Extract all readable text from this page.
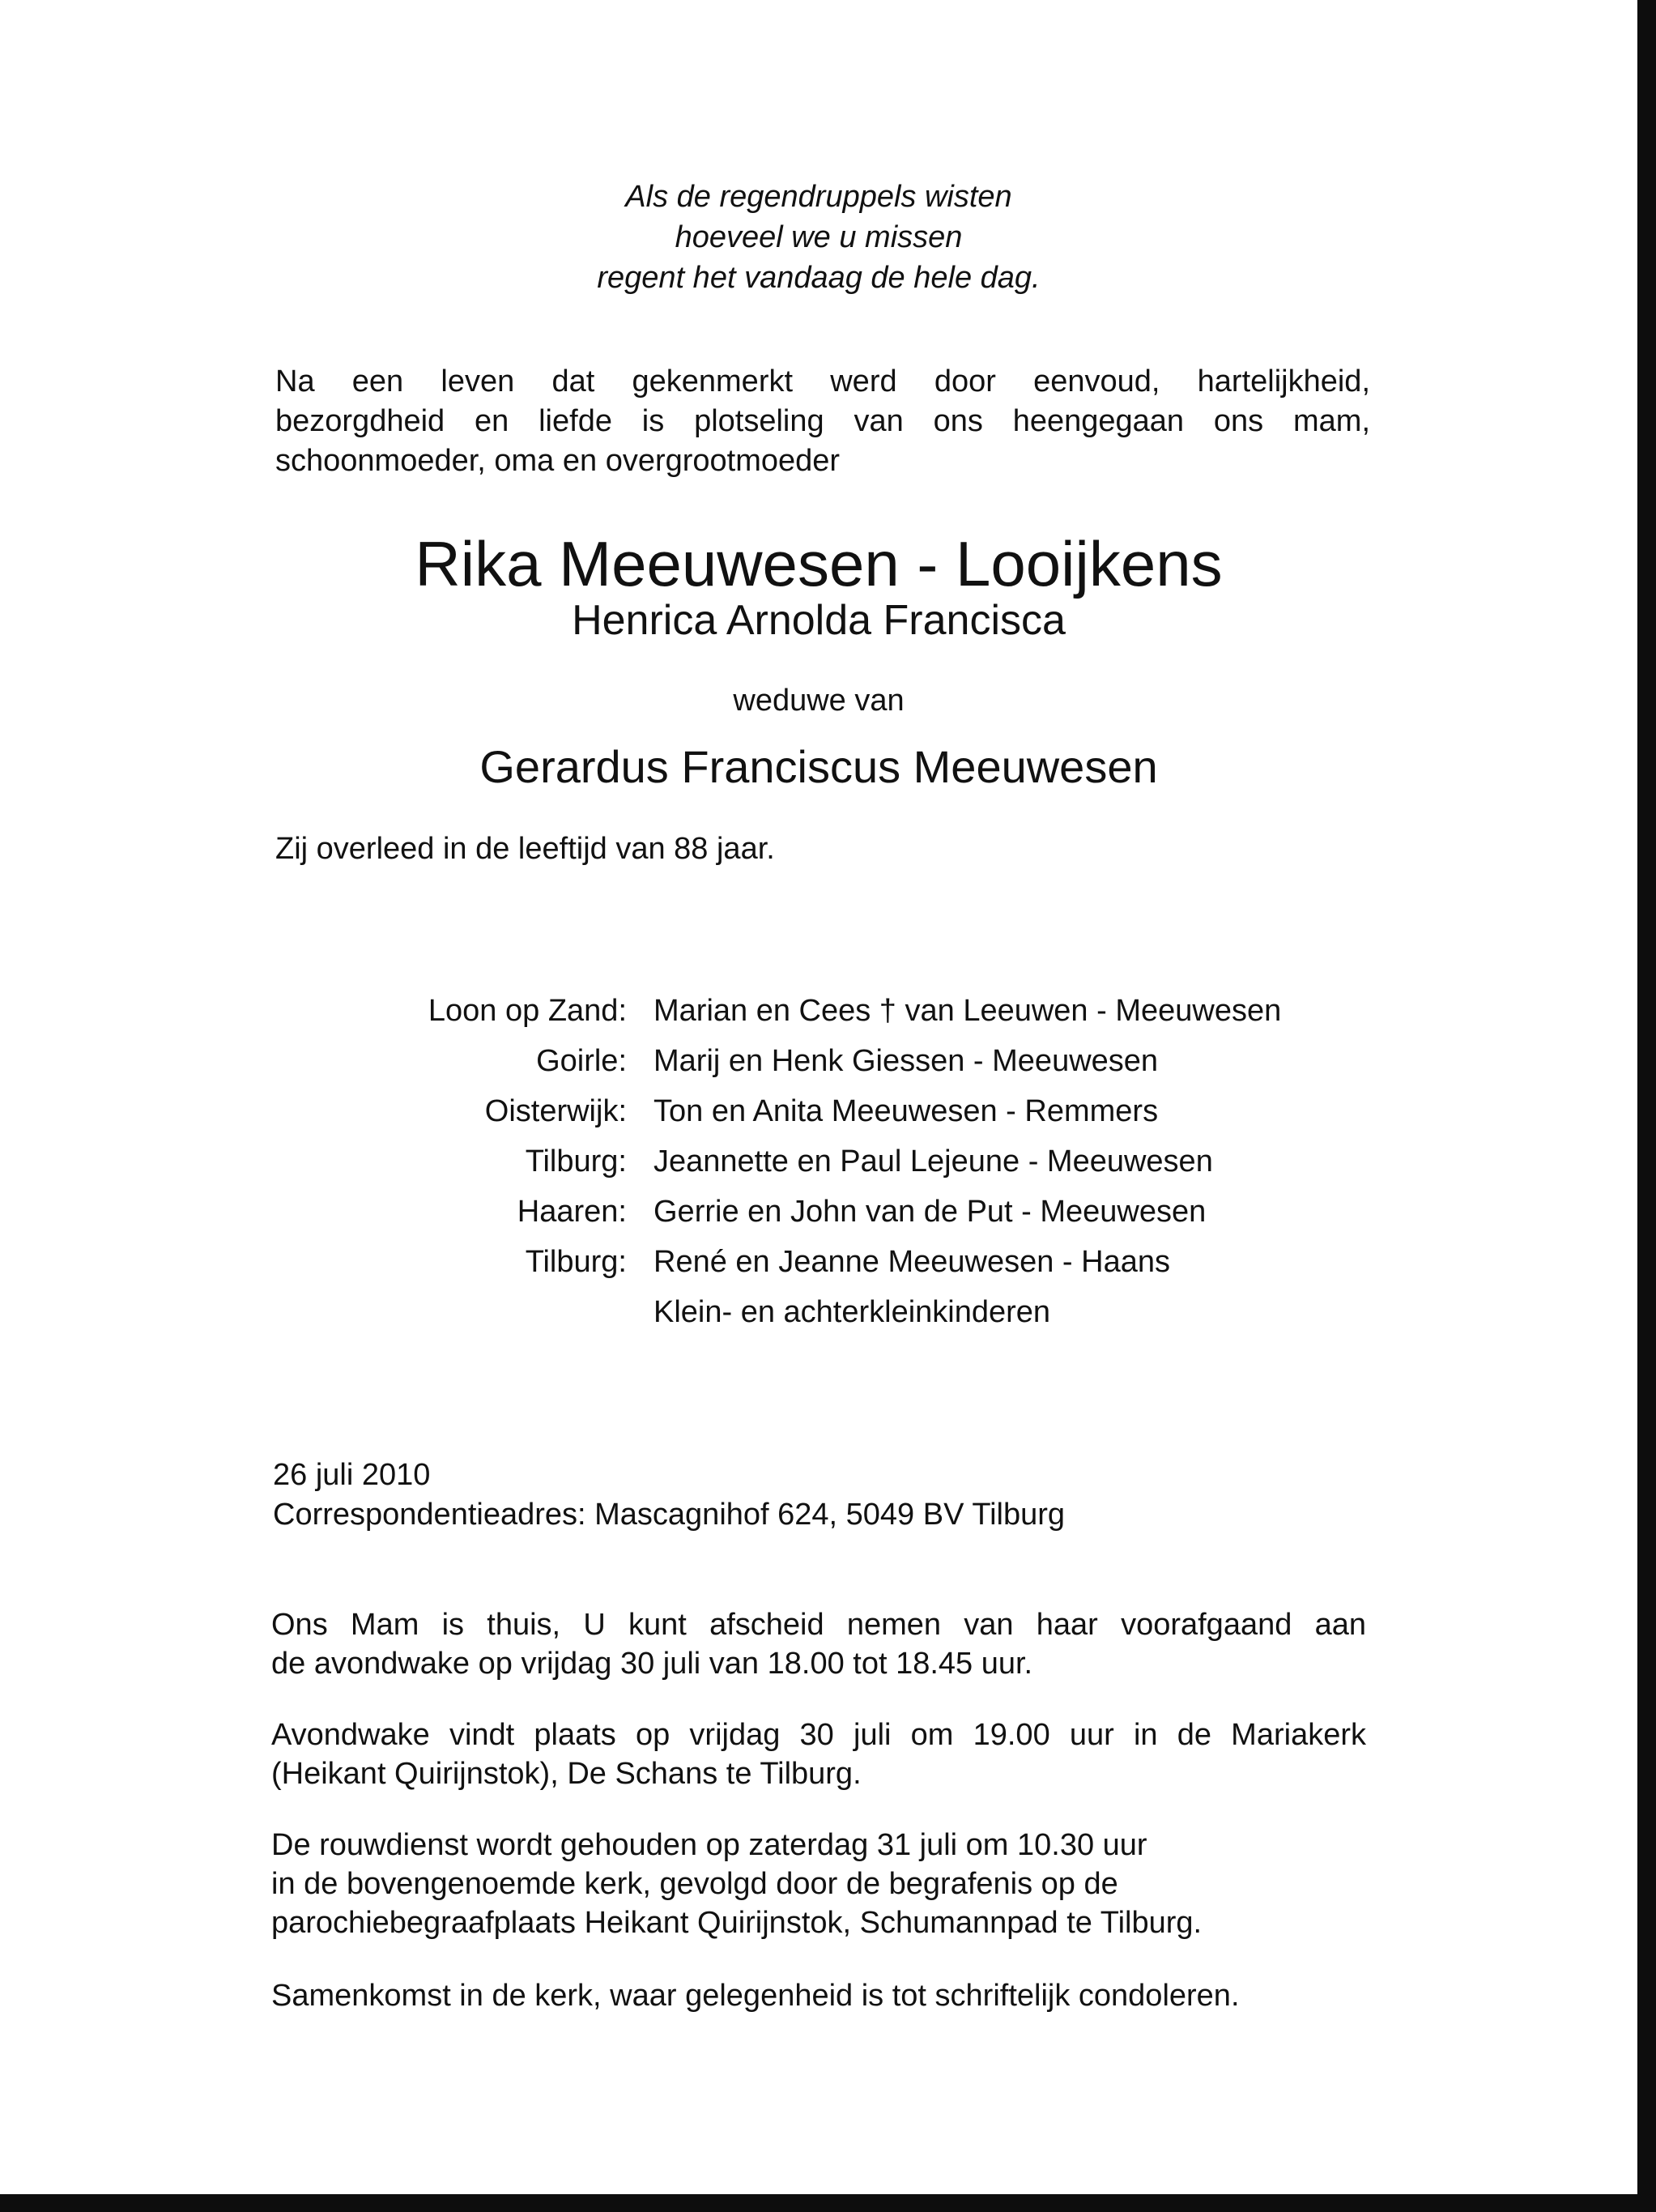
Als de regendruppels wisten
hoeveel we u missen
regent het vandaag de hele dag.
Na een leven dat gekenmerkt werd door eenvoud, hartelijkheid,
bezorgdheid en liefde is plotseling van ons heengegaan ons mam,
schoonmoeder, oma en overgrootmoeder
Rika Meeuwesen - Looijkens
Henrica Arnolda Francisca
weduwe van
Gerardus Franciscus Meeuwesen
Zij overleed in de leeftijd van 88 jaar.
Loon op Zand: Marian en Cees † van Leeuwen - Meeuwesen
Goirle: Marij en Henk Giessen - Meeuwesen
Oisterwijk: Ton en Anita Meeuwesen - Remmers
Tilburg: Jeannette en Paul Lejeune - Meeuwesen
Haaren: Gerrie en John van de Put - Meeuwesen
Tilburg: René en Jeanne Meeuwesen - Haans
Klein- en achterkleinkinderen
26 juli 2010
Correspondentieadres: Mascagnihof 624, 5049 BV Tilburg
Ons Mam is thuis, U kunt afscheid nemen van haar voorafgaand aan
de avondwake op vrijdag 30 juli van 18.00 tot 18.45 uur.
Avondwake vindt plaats op vrijdag 30 juli om 19.00 uur in de Mariakerk
(Heikant Quirijnstok), De Schans te Tilburg.
De rouwdienst wordt gehouden op zaterdag 31 juli om 10.30 uur
in de bovengenoemde kerk, gevolgd door de begrafenis op de
parochiebegraafplaats Heikant Quirijnstok, Schumannpad te Tilburg.
Samenkomst in de kerk, waar gelegenheid is tot schriftelijk condoleren.
